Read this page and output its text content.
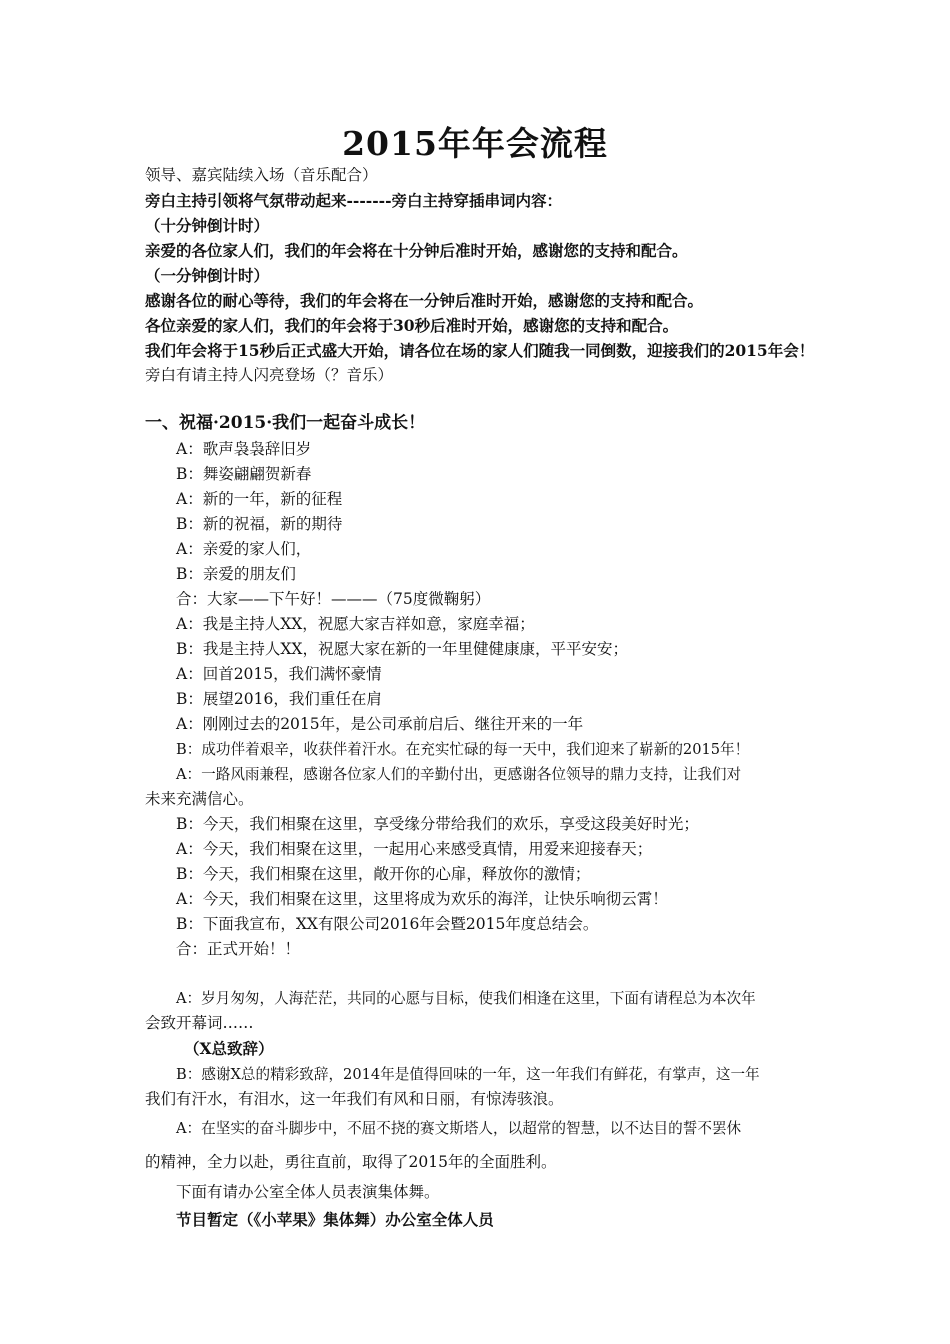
2015年年会流程
领导、嘉宾陆续入场（音乐配合）
旁白主持引领将气氛带动起来-------旁白主持穿插串词内容：
（十分钟倒计时）
亲爱的各位家人们，我们的年会将在十分钟后准时开始，感谢您的支持和配合。
（一分钟倒计时）
感谢各位的耐心等待，我们的年会将在一分钟后准时开始，感谢您的支持和配合。
各位亲爱的家人们，我们的年会将于30秒后准时开始，感谢您的支持和配合。
我们年会将于15秒后正式盛大开始，请各位在场的家人们随我一同倒数，迎接我们的2015年会！
旁白有请主持人闪亮登场（？音乐）
一、祝福·2015·我们一起奋斗成长！
A：歌声袅袅辞旧岁
B：舞姿翩翩贺新春
A：新的一年，新的征程
B：新的祝福，新的期待
A：亲爱的家人们，
B：亲爱的朋友们
合：大家——下午好！———（75度微鞠躬）
A：我是主持人XX，祝愿大家吉祥如意，家庭幸福；
B：我是主持人XX，祝愿大家在新的一年里健健康康，平平安安；
A：回首2015，我们满怀豪情
B：展望2016，我们重任在肩
A：刚刚过去的2015年，是公司承前启后、继往开来的一年
B：成功伴着艰辛，收获伴着汗水。在充实忙碌的每一天中，我们迎来了崭新的2015年！
A：一路风雨兼程，感谢各位家人们的辛勤付出，更感谢各位领导的鼎力支持，让我们对
未来充满信心。
B：今天，我们相聚在这里，享受缘分带给我们的欢乐，享受这段美好时光；
A：今天，我们相聚在这里，一起用心来感受真情，用爱来迎接春天；
B：今天，我们相聚在这里，敞开你的心扉，释放你的激情；
A：今天，我们相聚在这里，这里将成为欢乐的海洋，让快乐响彻云霄！
B：下面我宣布，XX有限公司2016年会暨2015年度总结会。
合：正式开始！！
A：岁月匆匆，人海茫茫，共同的心愿与目标，使我们相逢在这里，下面有请程总为本次年
会致开幕词……
（X总致辞）
B：感谢X总的精彩致辞，2014年是值得回味的一年，这一年我们有鲜花，有掌声，这一年
我们有汗水，有泪水，这一年我们有风和日丽，有惊涛骇浪。
A：在坚实的奋斗脚步中，不屈不挠的赛文斯塔人，以超常的智慧，以不达目的誓不罢休
的精神，全力以赴，勇往直前，取得了2015年的全面胜利。
下面有请办公室全体人员表演集体舞。
节目暂定（《小苹果》集体舞）办公室全体人员
